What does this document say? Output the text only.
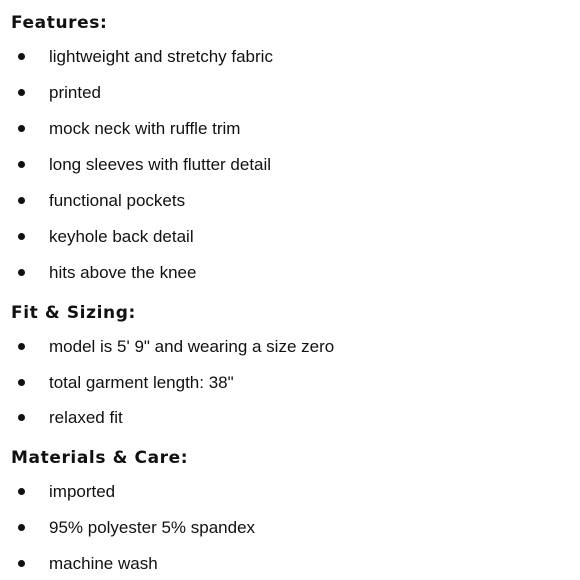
Features:
lightweight and stretchy fabric
printed
mock neck with ruffle trim
long sleeves with flutter detail
functional pockets
keyhole back detail
hits above the knee
Fit & Sizing:
model is 5' 9" and wearing a size zero
total garment length: 38"
relaxed fit
Materials & Care:
imported
95% polyester 5% spandex
machine wash
